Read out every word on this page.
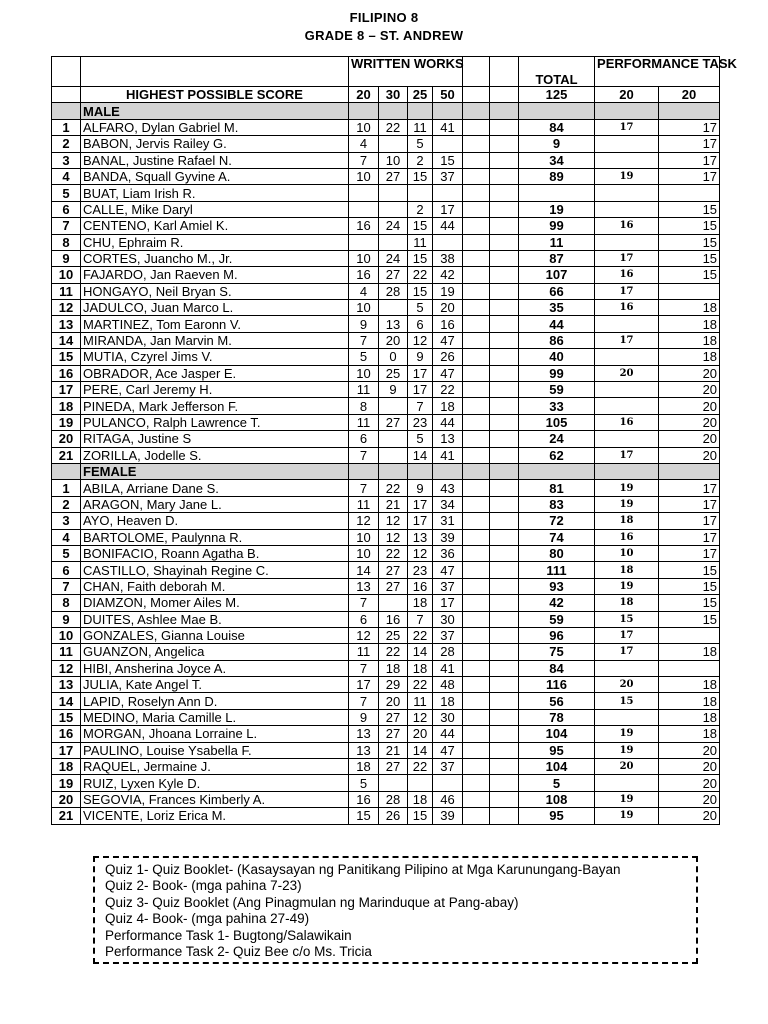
FILIPINO 8
GRADE 8 – ST. ANDREW
		WRITTEN WORKS						TOTAL	PERFORMANCE TASK	
	HIGHEST POSSIBLE SCORE	20	30	25	50			125	20	20
	MALE									
1	ALFARO, Dylan Gabriel M.	10	22	11	41			84	17	17
2	BABON, Jervis Railey G.	4		5				9		17
3	BANAL, Justine Rafael N.	7	10	2	15			34		17
4	BANDA, Squall Gyvine A.	10	27	15	37			89	19	17
5	BUAT, Liam Irish R.									
6	CALLE, Mike Daryl			2	17			19		15
7	CENTENO, Karl Amiel K.	16	24	15	44			99	16	15
8	CHU, Ephraim R.			11				11		15
9	CORTES, Juancho M., Jr.	10	24	15	38			87	17	15
10	FAJARDO, Jan Raeven M.	16	27	22	42			107	16	15
11	HONGAYO, Neil Bryan S.	4	28	15	19			66	17	
12	JADULCO, Juan Marco L.	10		5	20			35	16	18
13	MARTINEZ, Tom Earonn V.	9	13	6	16			44		18
14	MIRANDA, Jan Marvin M.	7	20	12	47			86	17	18
15	MUTIA, Czyrel Jims V.	5	0	9	26			40		18
16	OBRADOR, Ace Jasper E.	10	25	17	47			99	20	20
17	PERE, Carl Jeremy H.	11	9	17	22			59		20
18	PINEDA, Mark Jefferson F.	8		7	18			33		20
19	PULANCO, Ralph Lawrence T.	11	27	23	44			105	16	20
20	RITAGA, Justine S	6		5	13			24		20
21	ZORILLA, Jodelle S.	7		14	41			62	17	20
	FEMALE									
1	ABILA, Arriane Dane S.	7	22	9	43			81	19	17
2	ARAGON, Mary Jane L.	11	21	17	34			83	19	17
3	AYO, Heaven D.	12	12	17	31			72	18	17
4	BARTOLOME, Paulynna R.	10	12	13	39			74	16	17
5	BONIFACIO, Roann Agatha B.	10	22	12	36			80	10	17
6	CASTILLO, Shayinah Regine C.	14	27	23	47			111	18	15
7	CHAN, Faith deborah M.	13	27	16	37			93	19	15
8	DIAMZON, Momer Ailes M.	7		18	17			42	18	15
9	DUITES, Ashlee Mae B.	6	16	7	30			59	15	15
10	GONZALES, Gianna Louise	12	25	22	37			96	17	
11	GUANZON, Angelica	11	22	14	28			75	17	18
12	HIBI, Ansherina Joyce A.	7	18	18	41			84		
13	JULIA, Kate Angel T.	17	29	22	48			116	20	18
14	LAPID, Roselyn Ann D.	7	20	11	18			56	15	18
15	MEDINO, Maria Camille L.	9	27	12	30			78		18
16	MORGAN, Jhoana Lorraine L.	13	27	20	44			104	19	18
17	PAULINO, Louise Ysabella F.	13	21	14	47			95	19	20
18	RAQUEL, Jermaine J.	18	27	22	37			104	20	20
19	RUIZ, Lyxen Kyle D.	5						5		20
20	SEGOVIA, Frances Kimberly A.	16	28	18	46			108	19	20
21	VICENTE, Loriz Erica M.	15	26	15	39			95	19	20
Quiz 1- Quiz Booklet- (Kasaysayan ng Panitikang Pilipino at Mga Karunungang-Bayan
Quiz 2- Book- (mga pahina 7-23)
Quiz 3- Quiz Booklet (Ang Pinagmulan ng Marinduque at Pang-abay)
Quiz 4- Book- (mga pahina 27-49)
Performance Task 1- Bugtong/Salawikain
Performance Task 2- Quiz Bee c/o Ms. Tricia
